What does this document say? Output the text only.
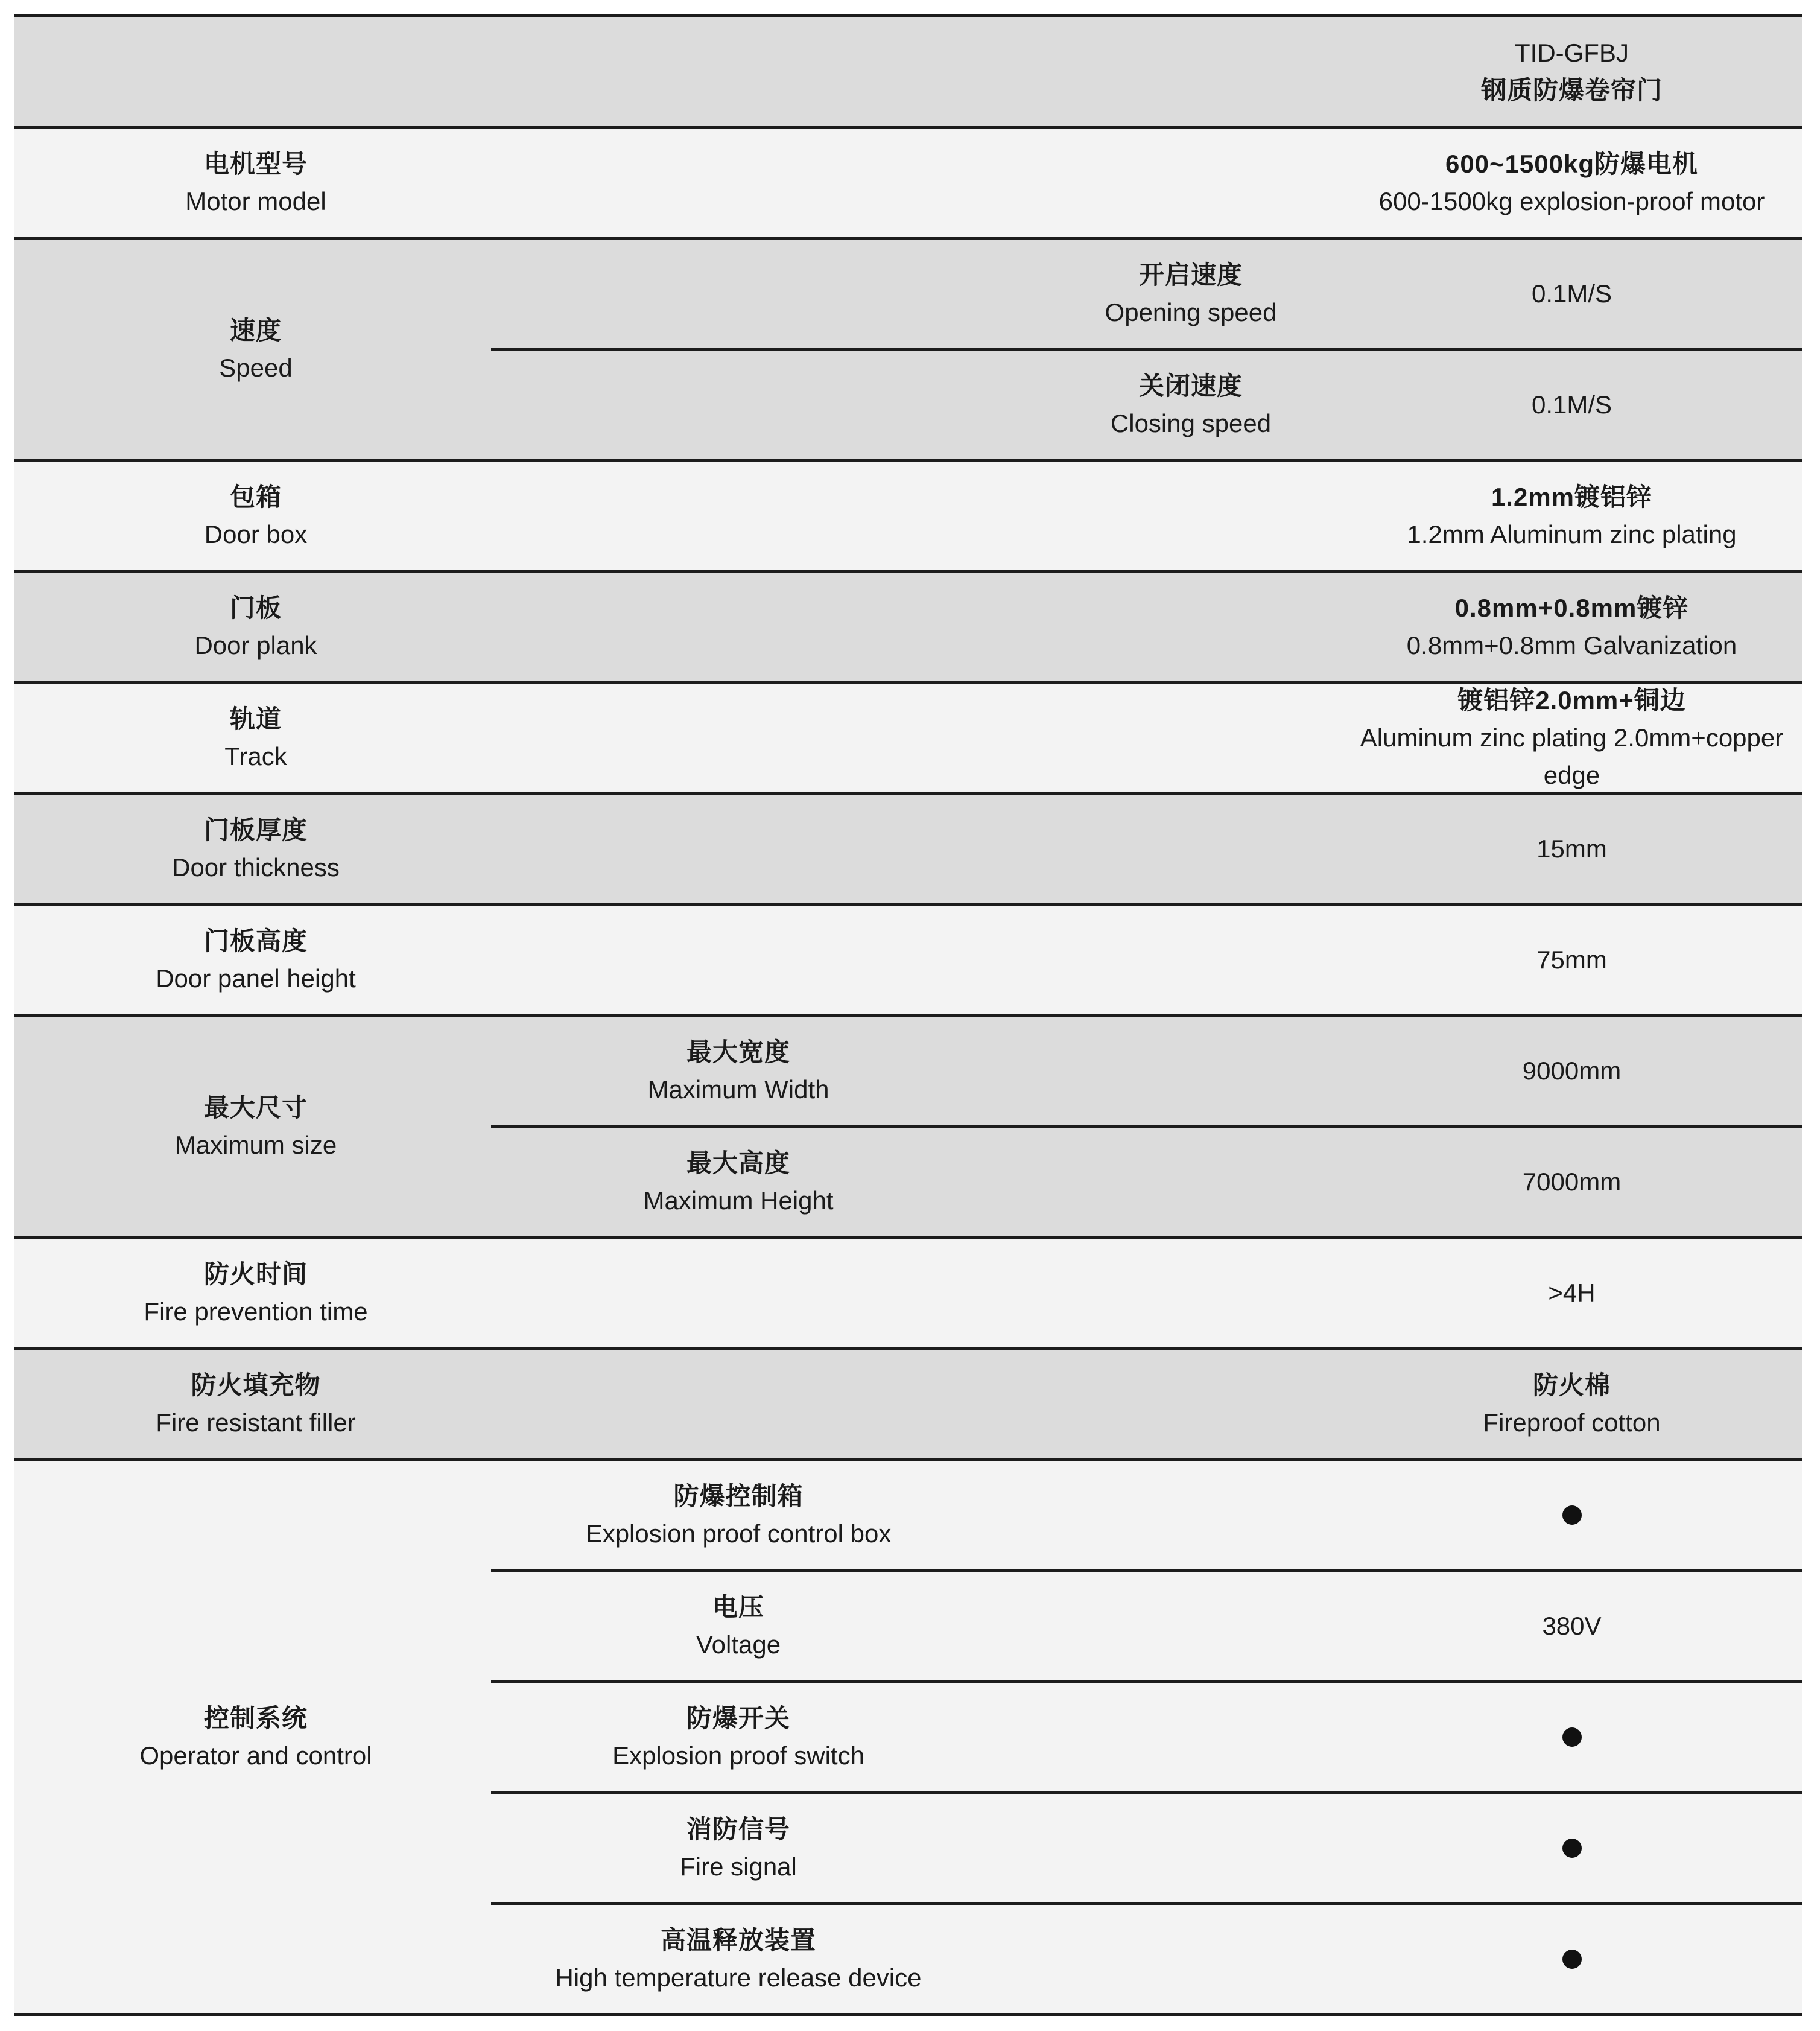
TID-GFBJ
钢质防爆卷帘门
电机型号
Motor model
600~1500kg防爆电机
600-1500kg explosion-proof motor
速度
Speed
开启速度
Opening speed
0.1M/S
关闭速度
Closing speed
0.1M/S
包箱
Door box
1.2mm镀铝锌
1.2mm Aluminum zinc plating
门板
Door plank
0.8mm+0.8mm镀锌
0.8mm+0.8mm Galvanization
轨道
Track
镀铝锌2.0mm+铜边
Aluminum zinc plating 2.0mm+copper
edge
门板厚度
Door thickness
15mm
门板高度
Door panel height
75mm
最大尺寸
Maximum size
最大宽度
Maximum Width
9000mm
最大高度
Maximum Height
7000mm
防火时间
Fire prevention time
>4H
防火填充物
Fire resistant filler
防火棉
Fireproof cotton
控制系统
Operator and control
防爆控制箱
Explosion proof control box
电压
Voltage
380V
防爆开关
Explosion proof switch
消防信号
Fire signal
高温释放装置
High temperature release device
